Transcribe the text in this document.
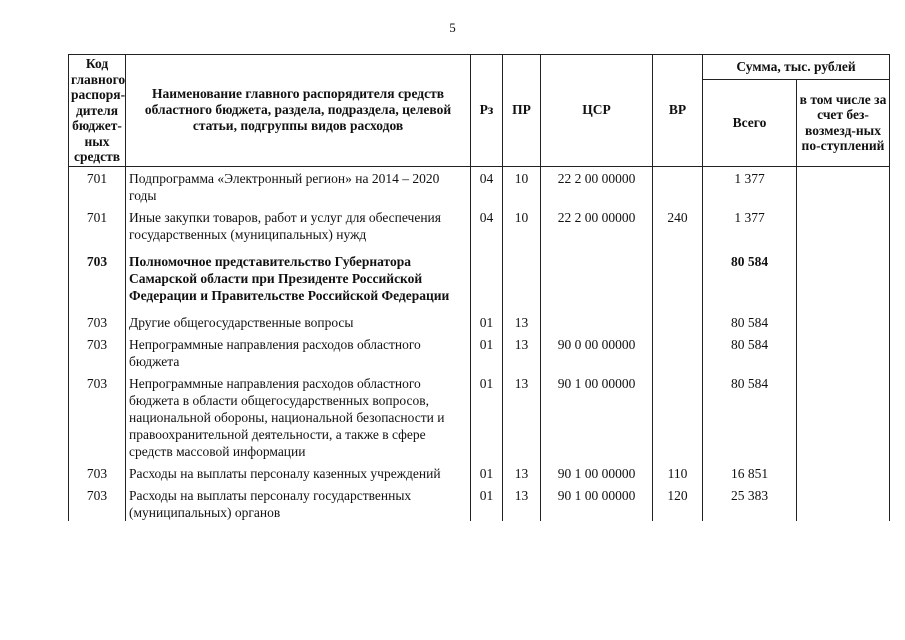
5
Код главного распоря-дителя бюджет-ных средств	Наименование главного распорядителя средств областного бюджета, раздела, подраздела, целевой статьи, подгруппы видов расходов	Рз	ПР	ЦСР	ВР	Сумма, тыс. рублей	
						Всего	в том числе за счет без-возмезд-ных по-ступлений
701	Подпрограмма «Электронный регион» на 2014 – 2020 годы	04	10	22 2 00 00000		1 377	
701	Иные закупки товаров, работ и услуг для обеспечения государственных (муниципальных) нужд	04	10	22 2 00 00000	240	1 377	
703	Полномочное представительство Губернатора Самарской области при Президенте Российской Федерации и Правительстве Российской Федерации					80 584	
703	Другие общегосударственные вопросы	01	13			80 584	
703	Непрограммные направления расходов областного бюджета	01	13	90 0 00 00000		80 584	
703	Непрограммные направления расходов областного бюджета в области общегосударственных вопросов, национальной обороны, национальной безопасности и правоохранительной деятельности, а также в сфере средств массовой информации	01	13	90 1 00 00000		80 584	
703	Расходы на выплаты персоналу казенных учреждений	01	13	90 1 00 00000	110	16 851	
703	Расходы на выплаты персоналу государственных (муниципальных) органов	01	13	90 1 00 00000	120	25 383	
